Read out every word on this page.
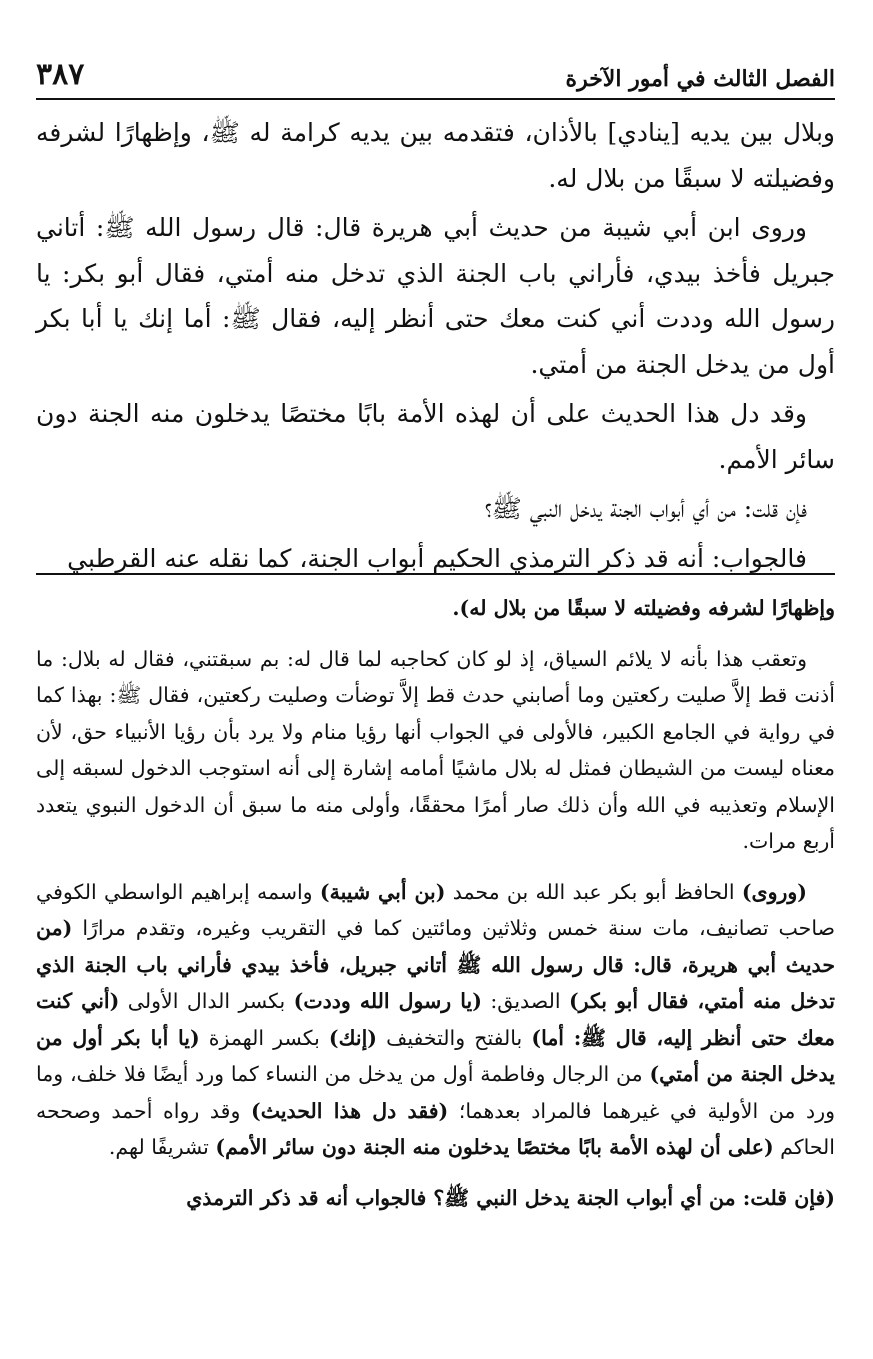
الفصل الثالث في أمور الآخرة
٣٨٧

وبلال بين يديه [ينادي] بالأذان، فتقدمه بين يديه كرامة له ﷺ، وإظهارًا لشرفه وفضيلته لا سبقًا من بلال له.

وروى ابن أبي شيبة من حديث أبي هريرة قال: قال رسول الله ﷺ: أتاني جبريل فأخذ بيدي، فأراني باب الجنة الذي تدخل منه أمتي، فقال أبو بكر: يا رسول الله وددت أني كنت معك حتى أنظر إليه، فقال ﷺ: أما إنك يا أبا بكر أول من يدخل الجنة من أمتي.

وقد دل هذا الحديث على أن لهذه الأمة بابًا مختصًا يدخلون منه الجنة دون سائر الأمم.

فإن قلت: من أي أبواب الجنة يدخل النبي ﷺ؟

فالجواب: أنه قد ذكر الترمذي الحكيم أبواب الجنة، كما نقله عنه القرطبي

وإظهارًا لشرفه وفضيلته لا سبقًا من بلال له).

وتعقب هذا بأنه لا يلائم السياق، إذ لو كان كحاجبه لما قال له: بم سبقتني، فقال له بلال: ما أذنت قط إلاَّ صليت ركعتين وما أصابني حدث قط إلاَّ توضأت وصليت ركعتين، فقال ﷺ: بهذا كما في رواية في الجامع الكبير، فالأولى في الجواب أنها رؤيا منام ولا يرد بأن رؤيا الأنبياء حق، لأن معناه ليست من الشيطان فمثل له بلال ماشيًا أمامه إشارة إلى أنه استوجب الدخول لسبقه إلى الإسلام وتعذيبه في الله وأن ذلك صار أمرًا محققًا، وأولى منه ما سبق أن الدخول النبوي يتعدد أربع مرات.

(وروى) الحافظ أبو بكر عبد الله بن محمد (بن أبي شيبة) واسمه إبراهيم الواسطي الكوفي صاحب تصانيف، مات سنة خمس وثلاثين ومائتين كما في التقريب وغيره، وتقدم مرارًا (من حديث أبي هريرة، قال: قال رسول الله ﷺ أتاني جبريل، فأخذ بيدي فأراني باب الجنة الذي تدخل منه أمتي، فقال أبو بكر) الصديق: (يا رسول الله وددت) بكسر الدال الأولى (أني كنت معك حتى أنظر إليه، قال ﷺ: أما) بالفتح والتخفيف (إنك) بكسر الهمزة (يا أبا بكر أول من يدخل الجنة من أمتي) من الرجال وفاطمة أول من يدخل من النساء كما ورد أيضًا فلا خلف، وما ورد من الأولية في غيرهما فالمراد بعدهما؛ (فقد دل هذا الحديث) وقد رواه أحمد وصححه الحاكم (على أن لهذه الأمة بابًا مختصًا يدخلون منه الجنة دون سائر الأمم) تشريفًا لهم.

(فإن قلت: من أي أبواب الجنة يدخل النبي ﷺ؟ فالجواب أنه قد ذكر الترمذي
